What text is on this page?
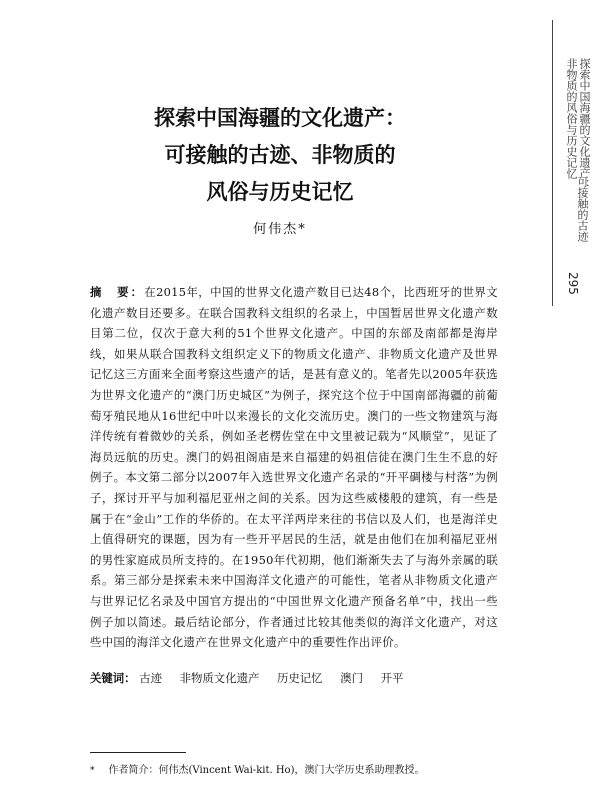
探索中国海疆的文化遗产：
非物质的风俗与历史记忆
可接触的古迹
295
探索中国海疆的文化遗产：
可接触的古迹、非物质的
风俗与历史记忆
何伟杰*
摘　要：在2015年，中国的世界文化遗产数目已达48个，比西班牙的世界文化遗产数目还要多。在联合国教科文组织的名录上，中国暂居世界文化遗产数目第二位，仅次于意大利的51个世界文化遗产。中国的东部及南部都是海岸线，如果从联合国教科文组织定义下的物质文化遗产、非物质文化遗产及世界记忆这三方面来全面考察这些遗产的话，是甚有意义的。笔者先以2005年获选为世界文化遗产的“澳门历史城区”为例子，探究这个位于中国南部海疆的前葡萄牙殖民地从16世纪中叶以来漫长的文化交流历史。澳门的一些文物建筑与海洋传统有着微妙的关系，例如圣老楞佐堂在中文里被记载为“风顺堂”，见证了海员远航的历史。澳门的妈祖阁庙是来自福建的妈祖信徒在澳门生生不息的好例子。本文第二部分以2007年入选世界文化遗产名录的“开平碉楼与村落”为例子，探讨开平与加利福尼亚州之间的关系。因为这些威楼般的建筑，有一些是属于在“金山”工作的华侨的。在太平洋两岸来往的书信以及人们，也是海洋史上值得研究的课题，因为有一些开平居民的生活，就是由他们在加利福尼亚州的男性家庭成员所支持的。在1950年代初期，他们渐渐失去了与海外亲属的联系。第三部分是探索未来中国海洋文化遗产的可能性，笔者从非物质文化遗产与世界记忆名录及中国官方提出的“中国世界文化遗产预备名单”中，找出一些例子加以简述。最后结论部分，作者通过比较其他类似的海洋文化遗产，对这些中国的海洋文化遗产在世界文化遗产中的重要性作出评价。
关键词： 古迹 非物质文化遗产 历史记忆 澳门 开平
* 作者简介：何伟杰(Vincent Wai-kit. Ho)，澳门大学历史系助理教授。
